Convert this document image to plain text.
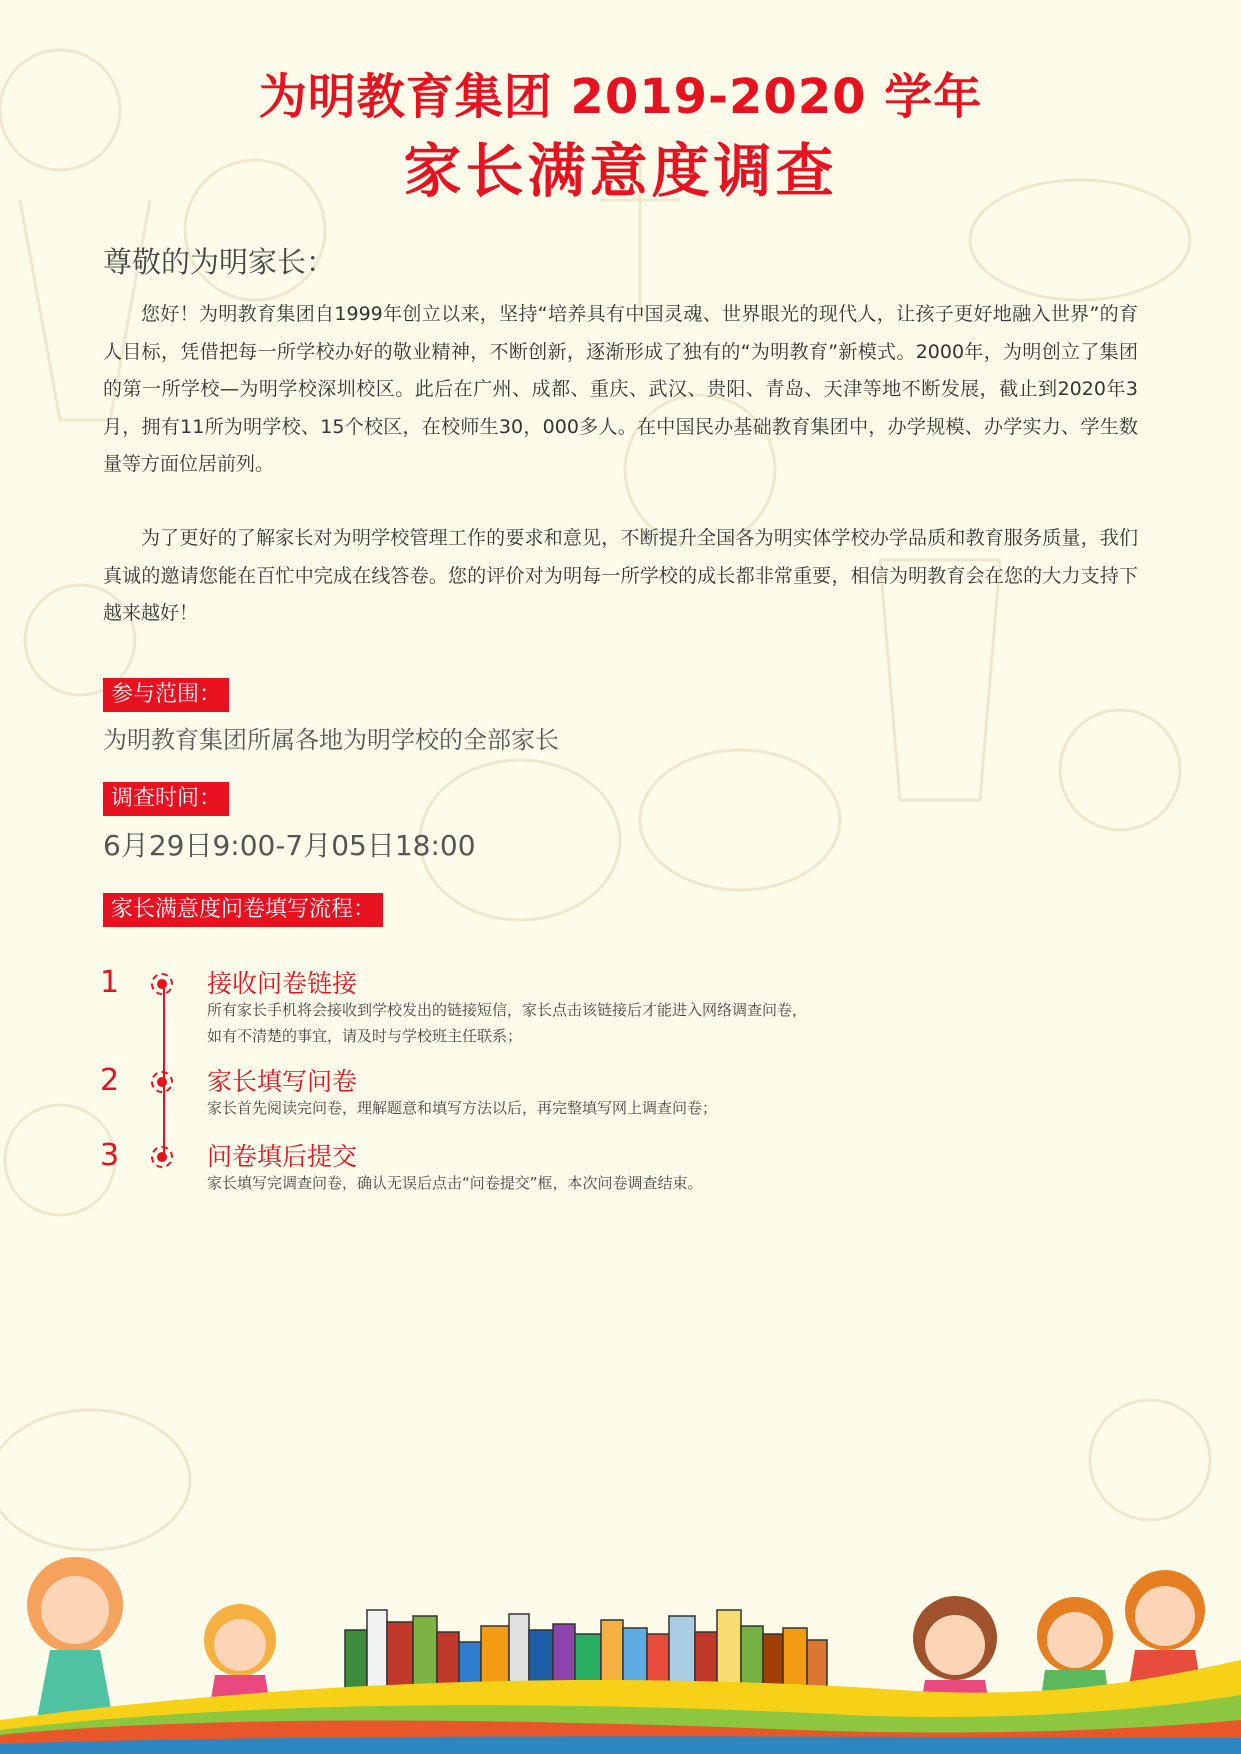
为明教育集团 2019-2020 学年
家长满意度调查
尊敬的为明家长：

您好！为明教育集团自1999年创立以来，坚持“培养具有中国灵魂、世界眼光的现代人，让孩子更好地融入世界”的育人目标，凭借把每一所学校办好的敬业精神，不断创新，逐渐形成了独有的“为明教育”新模式。2000年，为明创立了集团的第一所学校—为明学校深圳校区。此后在广州、成都、重庆、武汉、贵阳、青岛、天津等地不断发展，截止到2020年3月，拥有11所为明学校、15个校区，在校师生30，000多人。在中国民办基础教育集团中，办学规模、办学实力、学生数量等方面位居前列。

为了更好的了解家长对为明学校管理工作的要求和意见，不断提升全国各为明实体学校办学品质和教育服务质量，我们真诚的邀请您能在百忙中完成在线答卷。您的评价对为明每一所学校的成长都非常重要，相信为明教育会在您的大力支持下越来越好！

参与范围：
为明教育集团所属各地为明学校的全部家长
调查时间：
6月29日9:00-7月05日18:00
家长满意度问卷填写流程：
1	接收问卷链接
所有家长手机将会接收到学校发出的链接短信，家长点击该链接后才能进入网络调查问卷，
如有不清楚的事宜，请及时与学校班主任联系；
2	家长填写问卷
家长首先阅读完问卷，理解题意和填写方法以后，再完整填写网上调查问卷；
3	问卷填后提交
家长填写完调查问卷，确认无误后点击“问卷提交”框，本次问卷调查结束。
